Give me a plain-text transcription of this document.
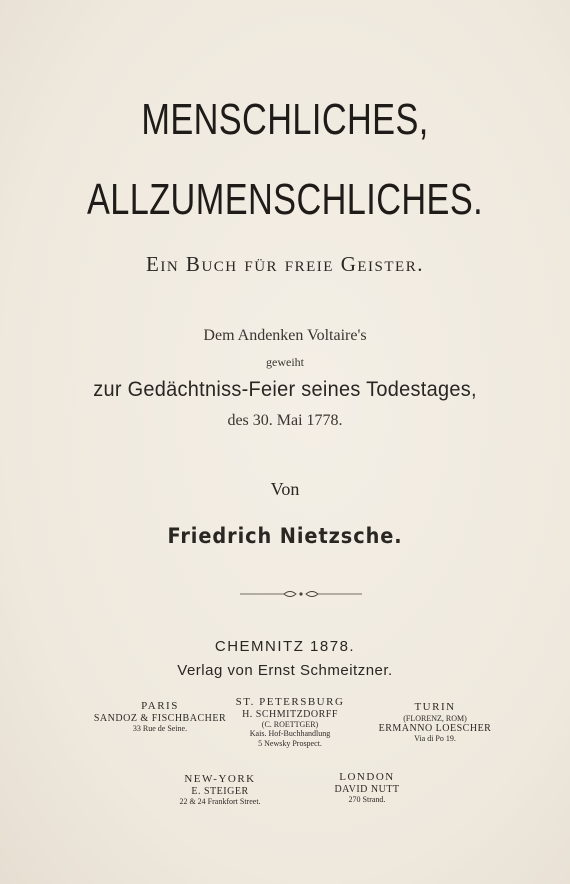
MENSCHLICHES,
ALLZUMENSCHLICHES.
Ein Buch für freie Geister.
Dem Andenken Voltaire's
geweiht
zur Gedächtniss-Feier seines Todestages,
des 30. Mai 1778.
Von
Friedrich Nietzsche.
CHEMNITZ 1878.
Verlag von Ernst Schmeitzner.
PARIS
SANDOZ & FISCHBACHER
33 Rue de Seine.
ST. PETERSBURG
H. SCHMITZDORFF
(C. ROETTGER)
Kais. Hof-Buchhandlung
5 Newsky Prospect.
TURIN
(FLORENZ, ROM)
ERMANNO LOESCHER
Via di Po 19.
NEW-YORK
E. STEIGER
22 & 24 Frankfort Street.
LONDON
DAVID NUTT
270 Strand.
